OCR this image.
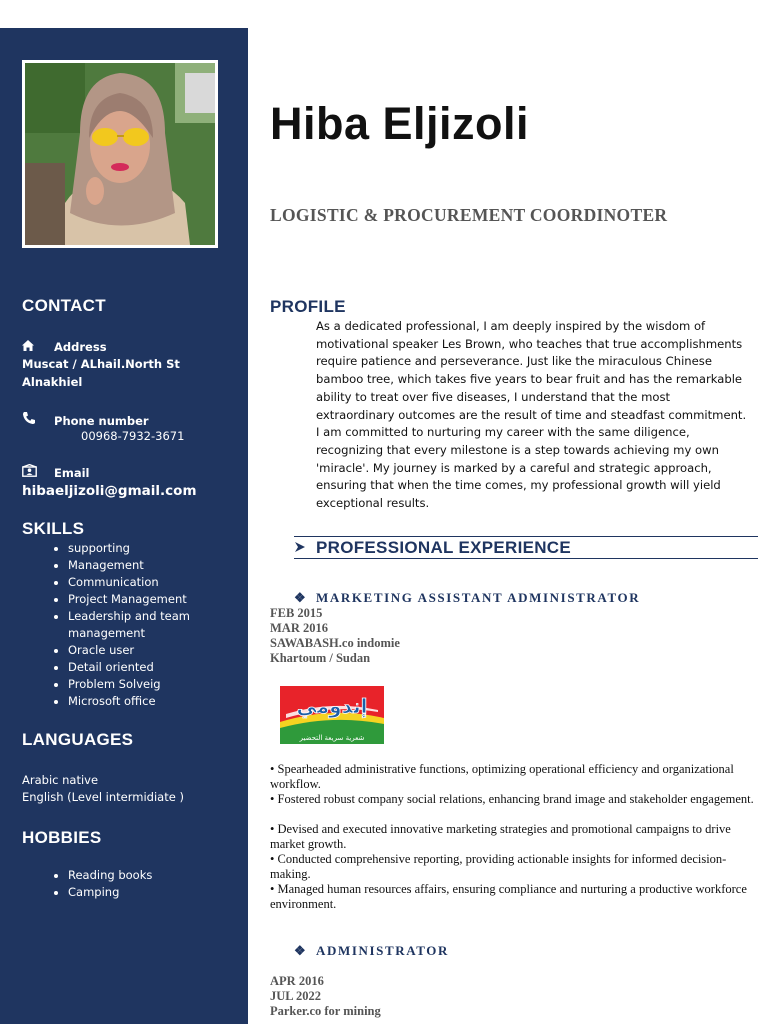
CONTACT
Address
Muscat / ALhail.North St
Alnakhiel
Phone number
00968-7932-3671
Email
hibaeljizoli@gmail.com
SKILLS
• supporting
• Management
• Communication
• Project Management
• Leadership and team management
• Oracle user
• Detail oriented
• Problem Solveig
• Microsoft office
LANGUAGES
Arabic native
English (Level intermidiate )
HOBBIES
• Reading books
• Camping
Hiba Eljizoli
LOGISTIC & PROCUREMENT COORDINOTER
PROFILE

As a dedicated professional, I am deeply inspired by the wisdom of motivational speaker Les Brown, who teaches that true accomplishments require patience and perseverance. Just like the miraculous Chinese bamboo tree, which takes five years to bear fruit and has the remarkable ability to treat over five diseases, I understand that the most extraordinary outcomes are the result of time and steadfast commitment. I am committed to nurturing my career with the same diligence, recognizing that every milestone is a step towards achieving my own 'miracle'. My journey is marked by a careful and strategic approach, ensuring that when the time comes, my professional growth will yield exceptional results.

PROFESSIONAL EXPERIENCE
❖ MARKETING ASSISTANT ADMINISTRATOR
FEB 2015
MAR 2016
SAWABASH.co indomie
Khartoum / Sudan
إندومي
شعرية سريعة التحضير
• Spearheaded administrative functions, optimizing operational efficiency and organizational workflow.
• Fostered robust company social relations, enhancing brand image and stakeholder engagement.
• Devised and executed innovative marketing strategies and promotional campaigns to drive market growth.
• Conducted comprehensive reporting, providing actionable insights for informed decision-making.
• Managed human resources affairs, ensuring compliance and nurturing a productive workforce environment.
❖ ADMINISTRATOR
APR 2016
JUL 2022
Parker.co for mining
